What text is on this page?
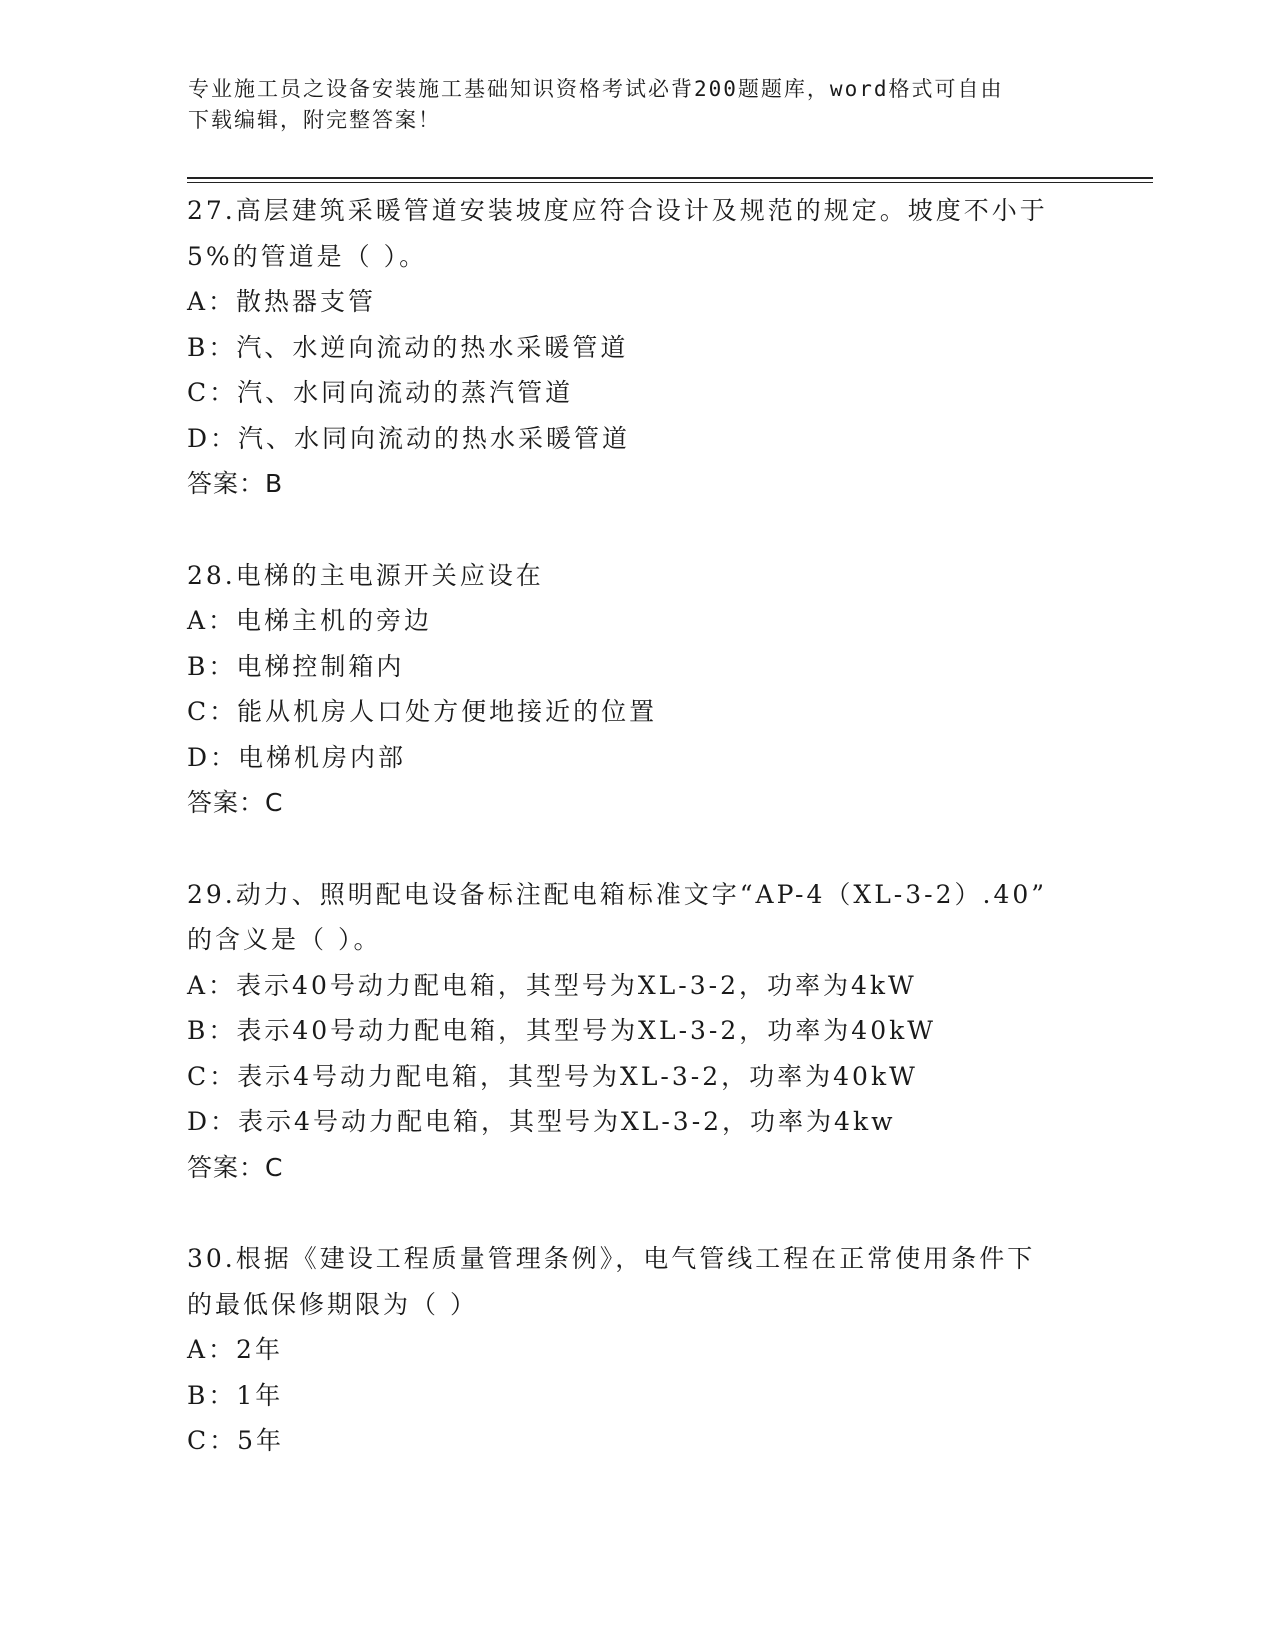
专业施工员之设备安装施工基础知识资格考试必背200题题库，word格式可自由
下载编辑，附完整答案！
27.高层建筑采暖管道安装坡度应符合设计及规范的规定。坡度不小于
5%的管道是（ ）。
A：散热器支管
B：汽、水逆向流动的热水采暖管道
C：汽、水同向流动的蒸汽管道
D：汽、水同向流动的热水采暖管道
答案：B
28.电梯的主电源开关应设在
A：电梯主机的旁边
B：电梯控制箱内
C：能从机房人口处方便地接近的位置
D：电梯机房内部
答案：C
29.动力、照明配电设备标注配电箱标准文字“AP-4（XL-3-2）.40”
的含义是（ ）。
A：表示40号动力配电箱，其型号为XL-3-2，功率为4kW
B：表示40号动力配电箱，其型号为XL-3-2，功率为40kW
C：表示4号动力配电箱，其型号为XL-3-2，功率为40kW
D：表示4号动力配电箱，其型号为XL-3-2，功率为4kw
答案：C
30.根据《建设工程质量管理条例》，电气管线工程在正常使用条件下
的最低保修期限为（ ）
A：2年
B：1年
C：5年
